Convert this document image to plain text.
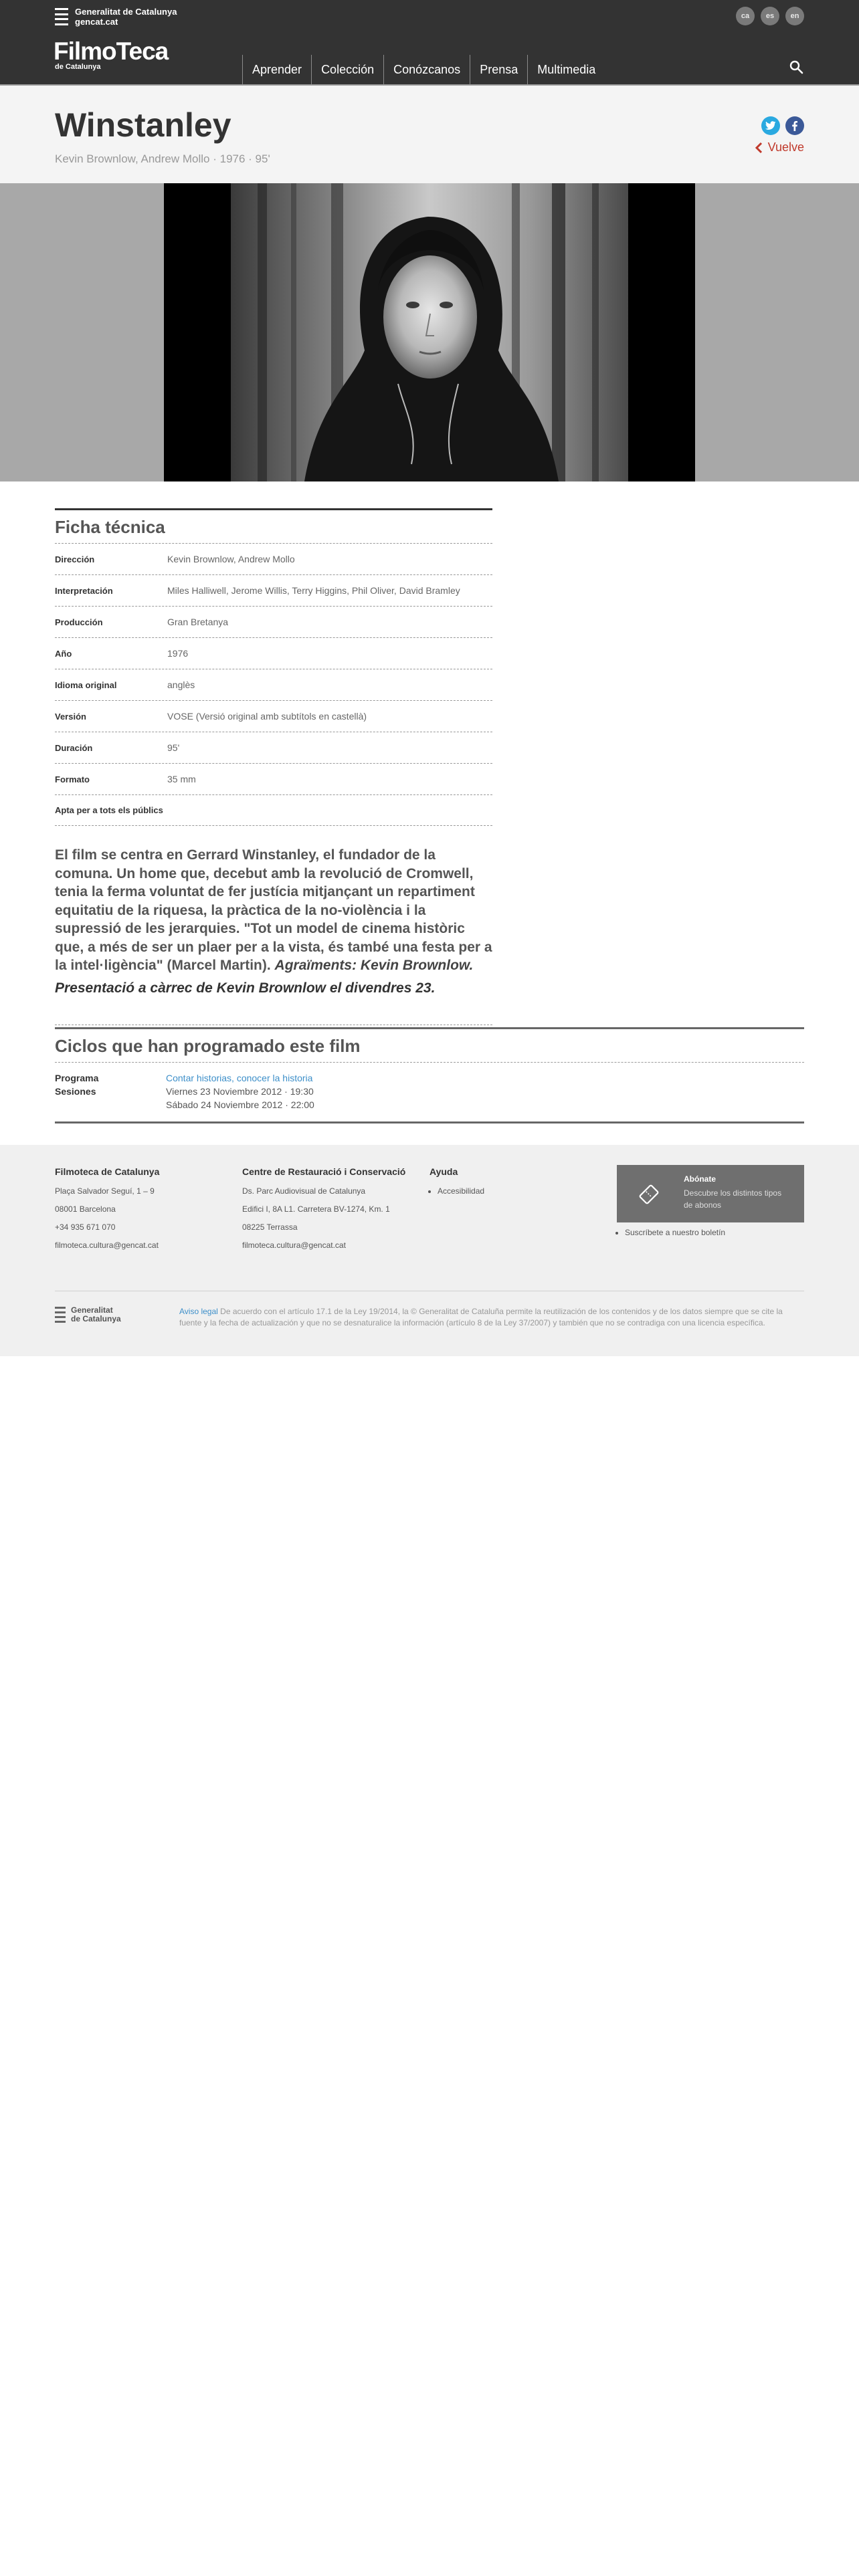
Generalitat de Catalunya
gencat.cat
FilmoTeca
de Catalunya
ca	es	en
Aprender	Colección	Conózcanos	Prensa	Multimedia
Winstanley
Kevin Brownlow, Andrew Mollo · 1976 · 95'
Vuelve
Ficha técnica
Dirección	Kevin Brownlow, Andrew Mollo
Interpretación	Miles Halliwell, Jerome Willis, Terry Higgins, Phil Oliver, David Bramley
Producción	Gran Bretanya
Año	1976
Idioma original	anglès
Versión	VOSE (Versió original amb subtítols en castellà)
Duración	95'
Formato	35 mm
Apta per a tots els públics

El film se centra en Gerrard Winstanley, el fundador de la comuna. Un home que, decebut amb la revolució de Cromwell, tenia la ferma voluntat de fer justícia mitjançant un repartiment equitatiu de la riquesa, la pràctica de la no-violència i la supressió de les jerarquies. "Tot un model de cinema històric que, a més de ser un plaer per a la vista, és també una festa per a la intel·ligència" (Marcel Martin). Agraïments: Kevin Brownlow.

Presentació a càrrec de Kevin Brownlow el divendres 23.

Ciclos que han programado este film
Programa	Contar historias, conocer la historia
Sesiones	Viernes 23 Noviembre 2012 · 19:30
Sábado 24 Noviembre 2012 · 22:00
Filmoteca de Catalunya

Plaça Salvador Seguí, 1 – 9

08001 Barcelona

+34 935 671 070

filmoteca.cultura@gencat.cat

Centre de Restauració i Conservació

Ds. Parc Audiovisual de Catalunya

Edifici I, 8A L1. Carretera BV-1274, Km. 1

08225 Terrassa

filmoteca.cultura@gencat.cat

Ayuda
• Accesibilidad
Abónate
Descubre los distintos tipos de abonos
• Suscríbete a nuestro boletín
Generalitat
de Catalunya

Aviso legal De acuerdo con el artículo 17.1 de la Ley 19/2014, la © Generalitat de Cataluña permite la reutilización de los contenidos y de los datos siempre que se cite la fuente y la fecha de actualización y que no se desnaturalice la información (artículo 8 de la Ley 37/2007) y también que no se contradiga con una licencia específica.
